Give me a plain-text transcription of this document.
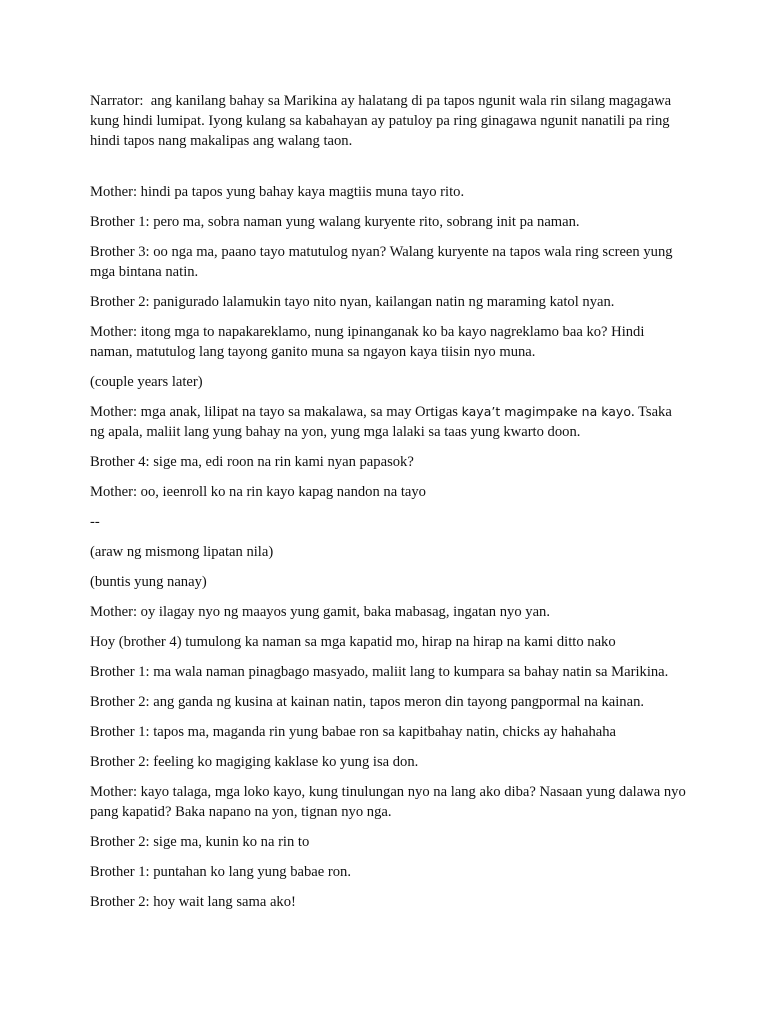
Narrator:  ang kanilang bahay sa Marikina ay halatang di pa tapos ngunit wala rin silang magagawa kung hindi lumipat. Iyong kulang sa kabahayan ay patuloy pa ring ginagawa ngunit nanatili pa ring hindi tapos nang makalipas ang walang taon.

Mother: hindi pa tapos yung bahay kaya magtiis muna tayo rito.

Brother 1: pero ma, sobra naman yung walang kuryente rito, sobrang init pa naman.

Brother 3: oo nga ma, paano tayo matutulog nyan? Walang kuryente na tapos wala ring screen yung mga bintana natin.

Brother 2: panigurado lalamukin tayo nito nyan, kailangan natin ng maraming katol nyan.

Mother: itong mga to napakareklamo, nung ipinanganak ko ba kayo nagreklamo baa ko? Hindi naman, matutulog lang tayong ganito muna sa ngayon kaya tiisin nyo muna.

(couple years later)

Mother: mga anak, lilipat na tayo sa makalawa, sa may Ortigas kaya’t magimpake na kayo. Tsaka ng apala, maliit lang yung bahay na yon, yung mga lalaki sa taas yung kwarto doon.

Brother 4: sige ma, edi roon na rin kami nyan papasok?

Mother: oo, ieenroll ko na rin kayo kapag nandon na tayo

--

(araw ng mismong lipatan nila)

(buntis yung nanay)

Mother: oy ilagay nyo ng maayos yung gamit, baka mabasag, ingatan nyo yan.

Hoy (brother 4) tumulong ka naman sa mga kapatid mo, hirap na hirap na kami ditto nako

Brother 1: ma wala naman pinagbago masyado, maliit lang to kumpara sa bahay natin sa Marikina.

Brother 2: ang ganda ng kusina at kainan natin, tapos meron din tayong pangpormal na kainan.

Brother 1: tapos ma, maganda rin yung babae ron sa kapitbahay natin, chicks ay hahahaha

Brother 2: feeling ko magiging kaklase ko yung isa don.

Mother: kayo talaga, mga loko kayo, kung tinulungan nyo na lang ako diba? Nasaan yung dalawa nyo pang kapatid? Baka napano na yon, tignan nyo nga.

Brother 2: sige ma, kunin ko na rin to

Brother 1: puntahan ko lang yung babae ron.

Brother 2: hoy wait lang sama ako!
